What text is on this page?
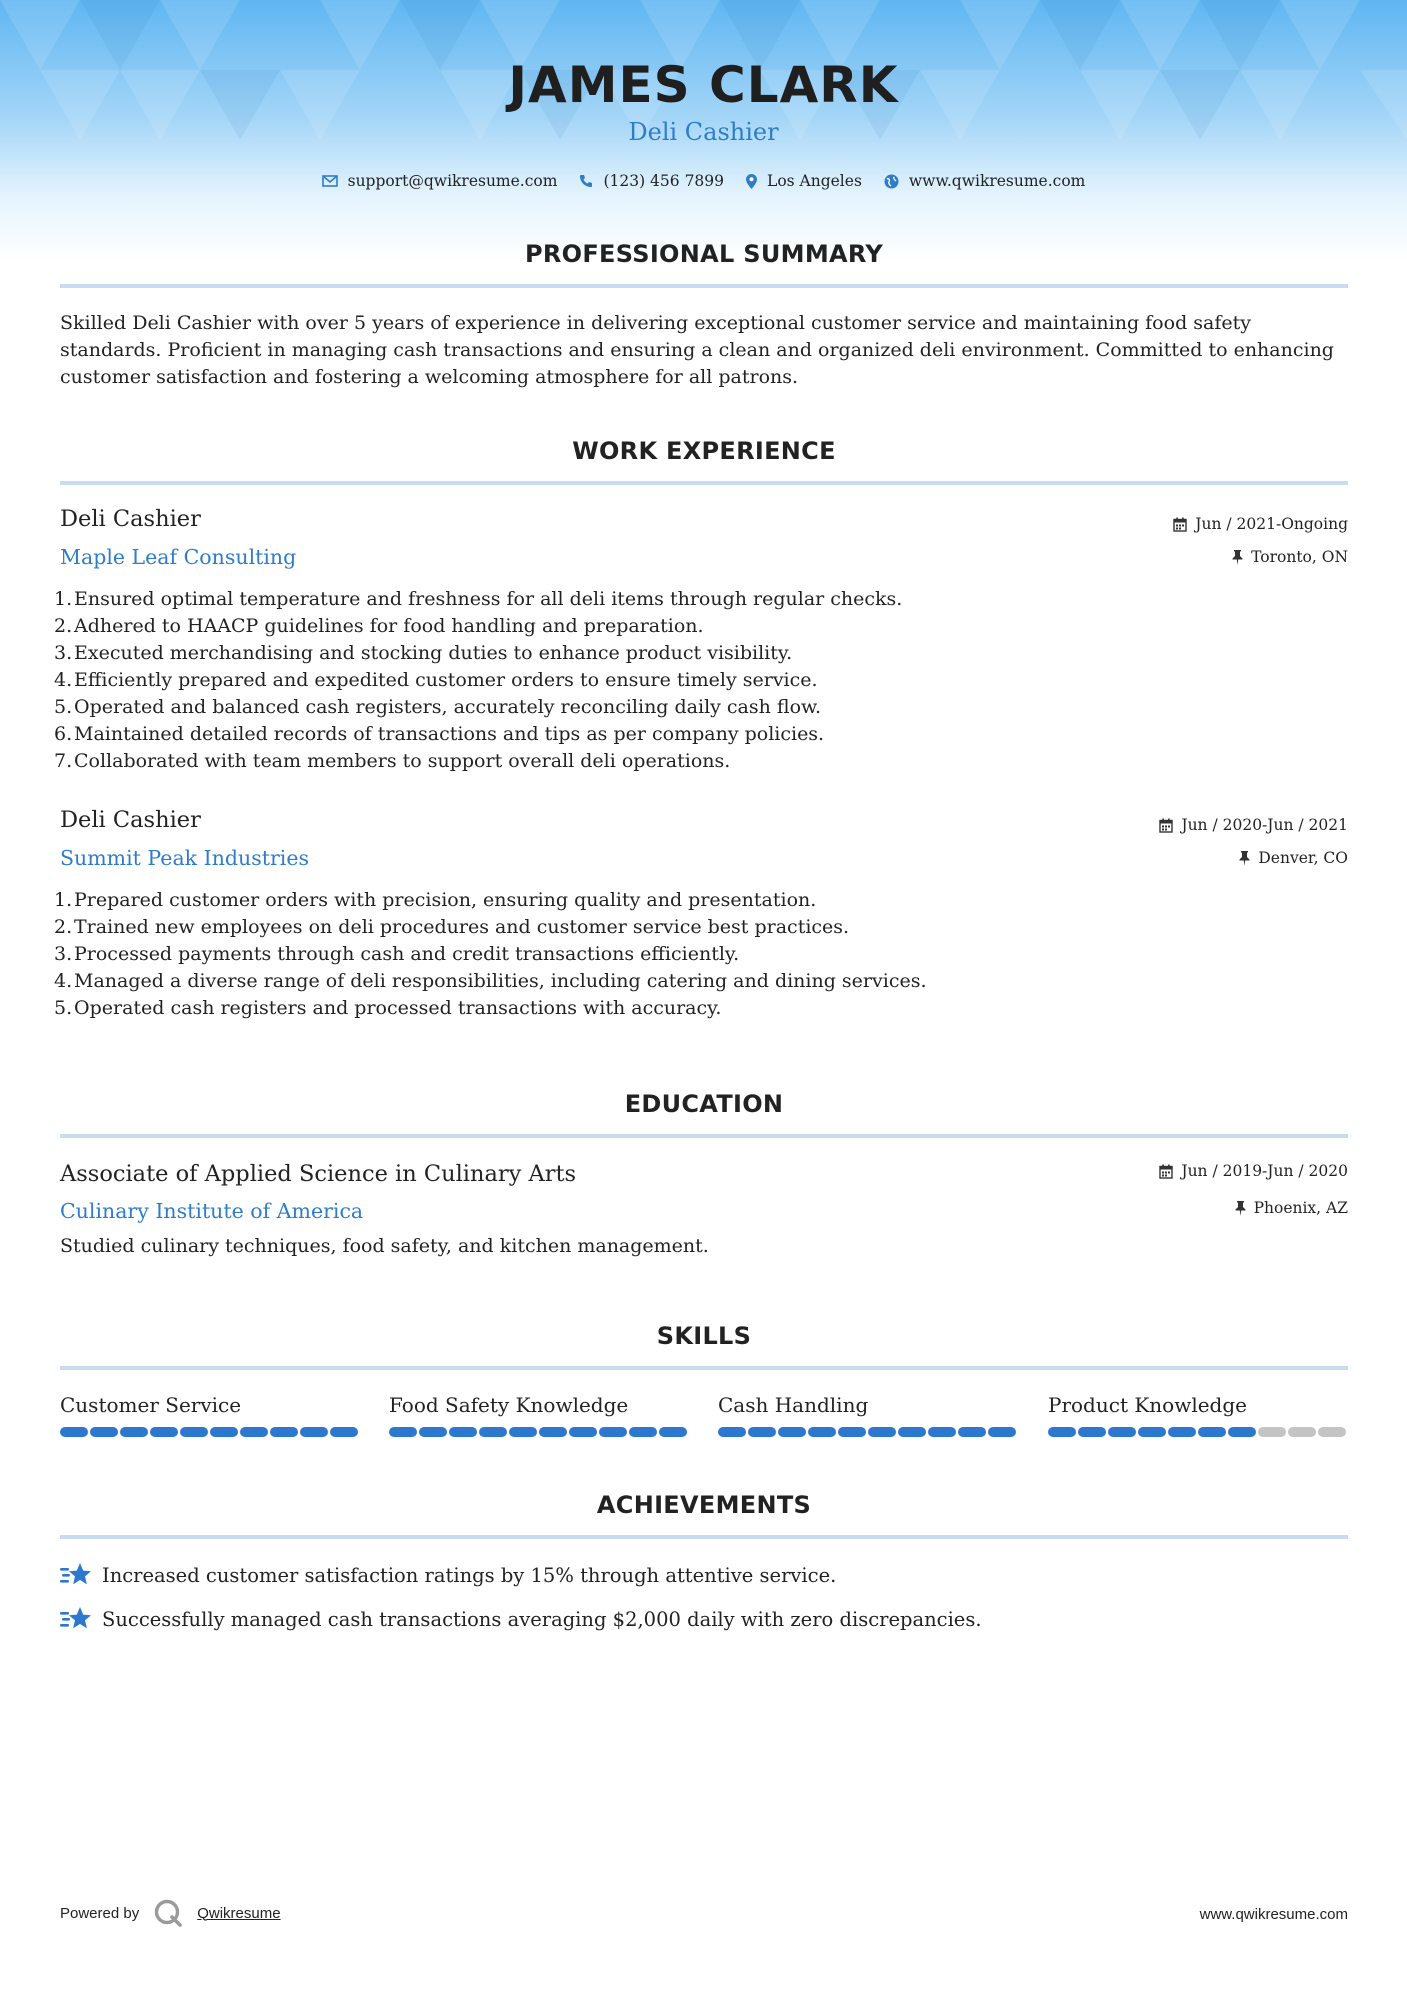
JAMES CLARK
Deli Cashier
support@qwikresume.com	(123) 456 7899	Los Angeles	www.qwikresume.com
PROFESSIONAL SUMMARY
Skilled Deli Cashier with over 5 years of experience in delivering exceptional customer service and maintaining food safety standards. Proficient in managing cash transactions and ensuring a clean and organized deli environment. Committed to enhancing customer satisfaction and fostering a welcoming atmosphere for all patrons.
WORK EXPERIENCE
Deli Cashier
Maple Leaf Consulting
Jun / 2021-Ongoing
Toronto, ON
1.Ensured optimal temperature and freshness for all deli items through regular checks.
2.Adhered to HAACP guidelines for food handling and preparation.
3.Executed merchandising and stocking duties to enhance product visibility.
4.Efficiently prepared and expedited customer orders to ensure timely service.
5.Operated and balanced cash registers, accurately reconciling daily cash flow.
6.Maintained detailed records of transactions and tips as per company policies.
7.Collaborated with team members to support overall deli operations.
Deli Cashier
Summit Peak Industries
Jun / 2020-Jun / 2021
Denver, CO
1.Prepared customer orders with precision, ensuring quality and presentation.
2.Trained new employees on deli procedures and customer service best practices.
3.Processed payments through cash and credit transactions efficiently.
4.Managed a diverse range of deli responsibilities, including catering and dining services.
5.Operated cash registers and processed transactions with accuracy.
EDUCATION
Associate of Applied Science in Culinary Arts
Culinary Institute of America
Jun / 2019-Jun / 2020
Phoenix, AZ
Studied culinary techniques, food safety, and kitchen management.
SKILLS
Customer Service	Food Safety Knowledge	Cash Handling	Product Knowledge
ACHIEVEMENTS
Increased customer satisfaction ratings by 15% through attentive service.
Successfully managed cash transactions averaging $2,000 daily with zero discrepancies.
Powered by	Qwikresume	www.qwikresume.com
